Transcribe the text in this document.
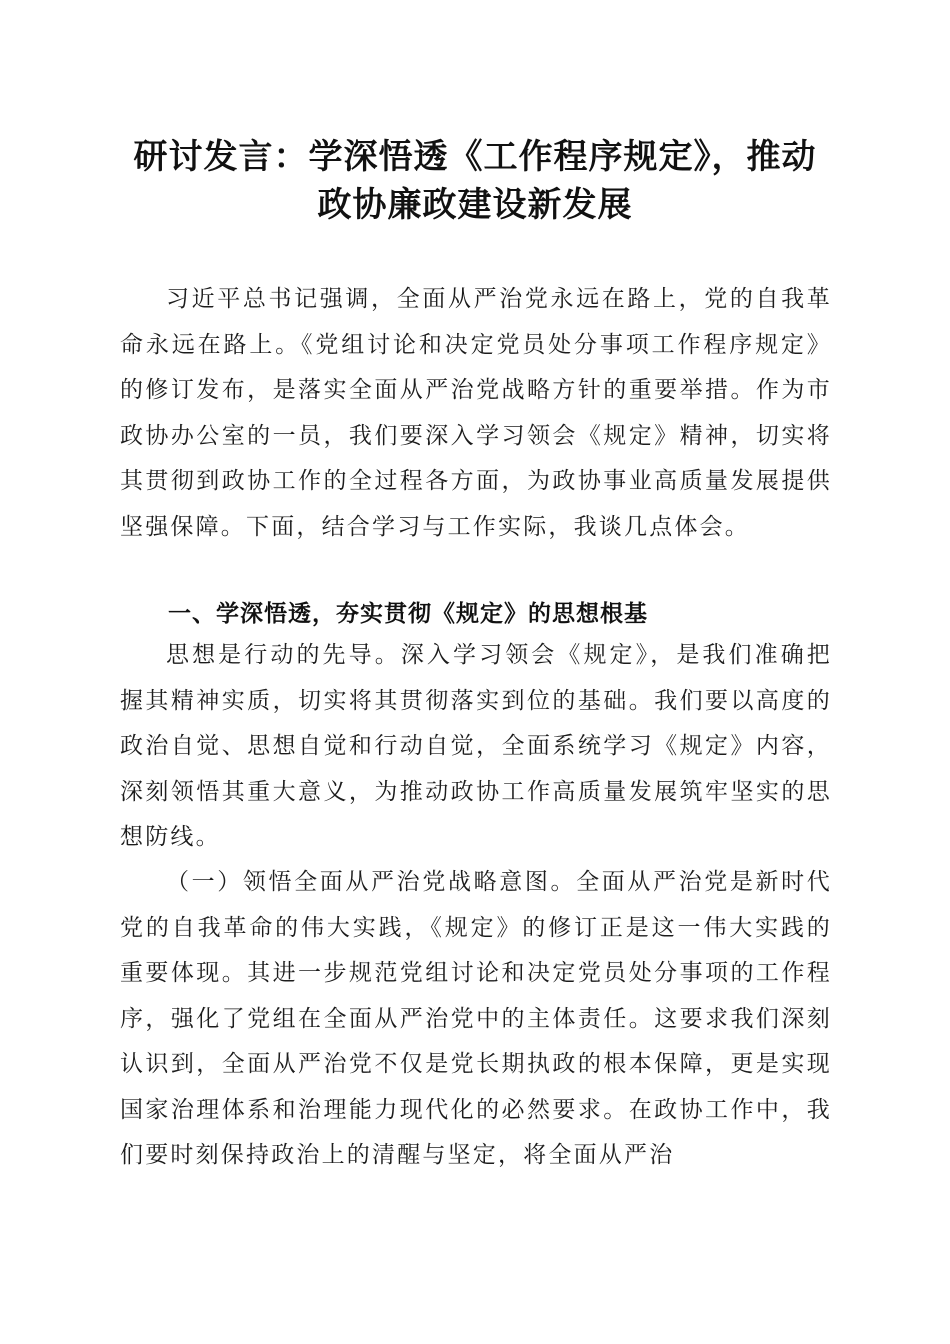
研讨发言：学深悟透《工作程序规定》，推动
政协廉政建设新发展

习近平总书记强调，全面从严治党永远在路上，党的自我革命永远在路上。《党组讨论和决定党员处分事项工作程序规定》的修订发布，是落实全面从严治党战略方针的重要举措。作为市政协办公室的一员，我们要深入学习领会《规定》精神，切实将其贯彻到政协工作的全过程各方面，为政协事业高质量发展提供坚强保障。下面，结合学习与工作实际，我谈几点体会。

一、学深悟透，夯实贯彻《规定》的思想根基

思想是行动的先导。深入学习领会《规定》，是我们准确把握其精神实质，切实将其贯彻落实到位的基础。我们要以高度的政治自觉、思想自觉和行动自觉，全面系统学习《规定》内容，深刻领悟其重大意义，为推动政协工作高质量发展筑牢坚实的思想防线。

（一）领悟全面从严治党战略意图。全面从严治党是新时代党的自我革命的伟大实践，《规定》的修订正是这一伟大实践的重要体现。其进一步规范党组讨论和决定党员处分事项的工作程序，强化了党组在全面从严治党中的主体责任。这要求我们深刻认识到，全面从严治党不仅是党长期执政的根本保障，更是实现国家治理体系和治理能力现代化的必然要求。在政协工作中，我们要时刻保持政治上的清醒与坚定，将全面从严治
